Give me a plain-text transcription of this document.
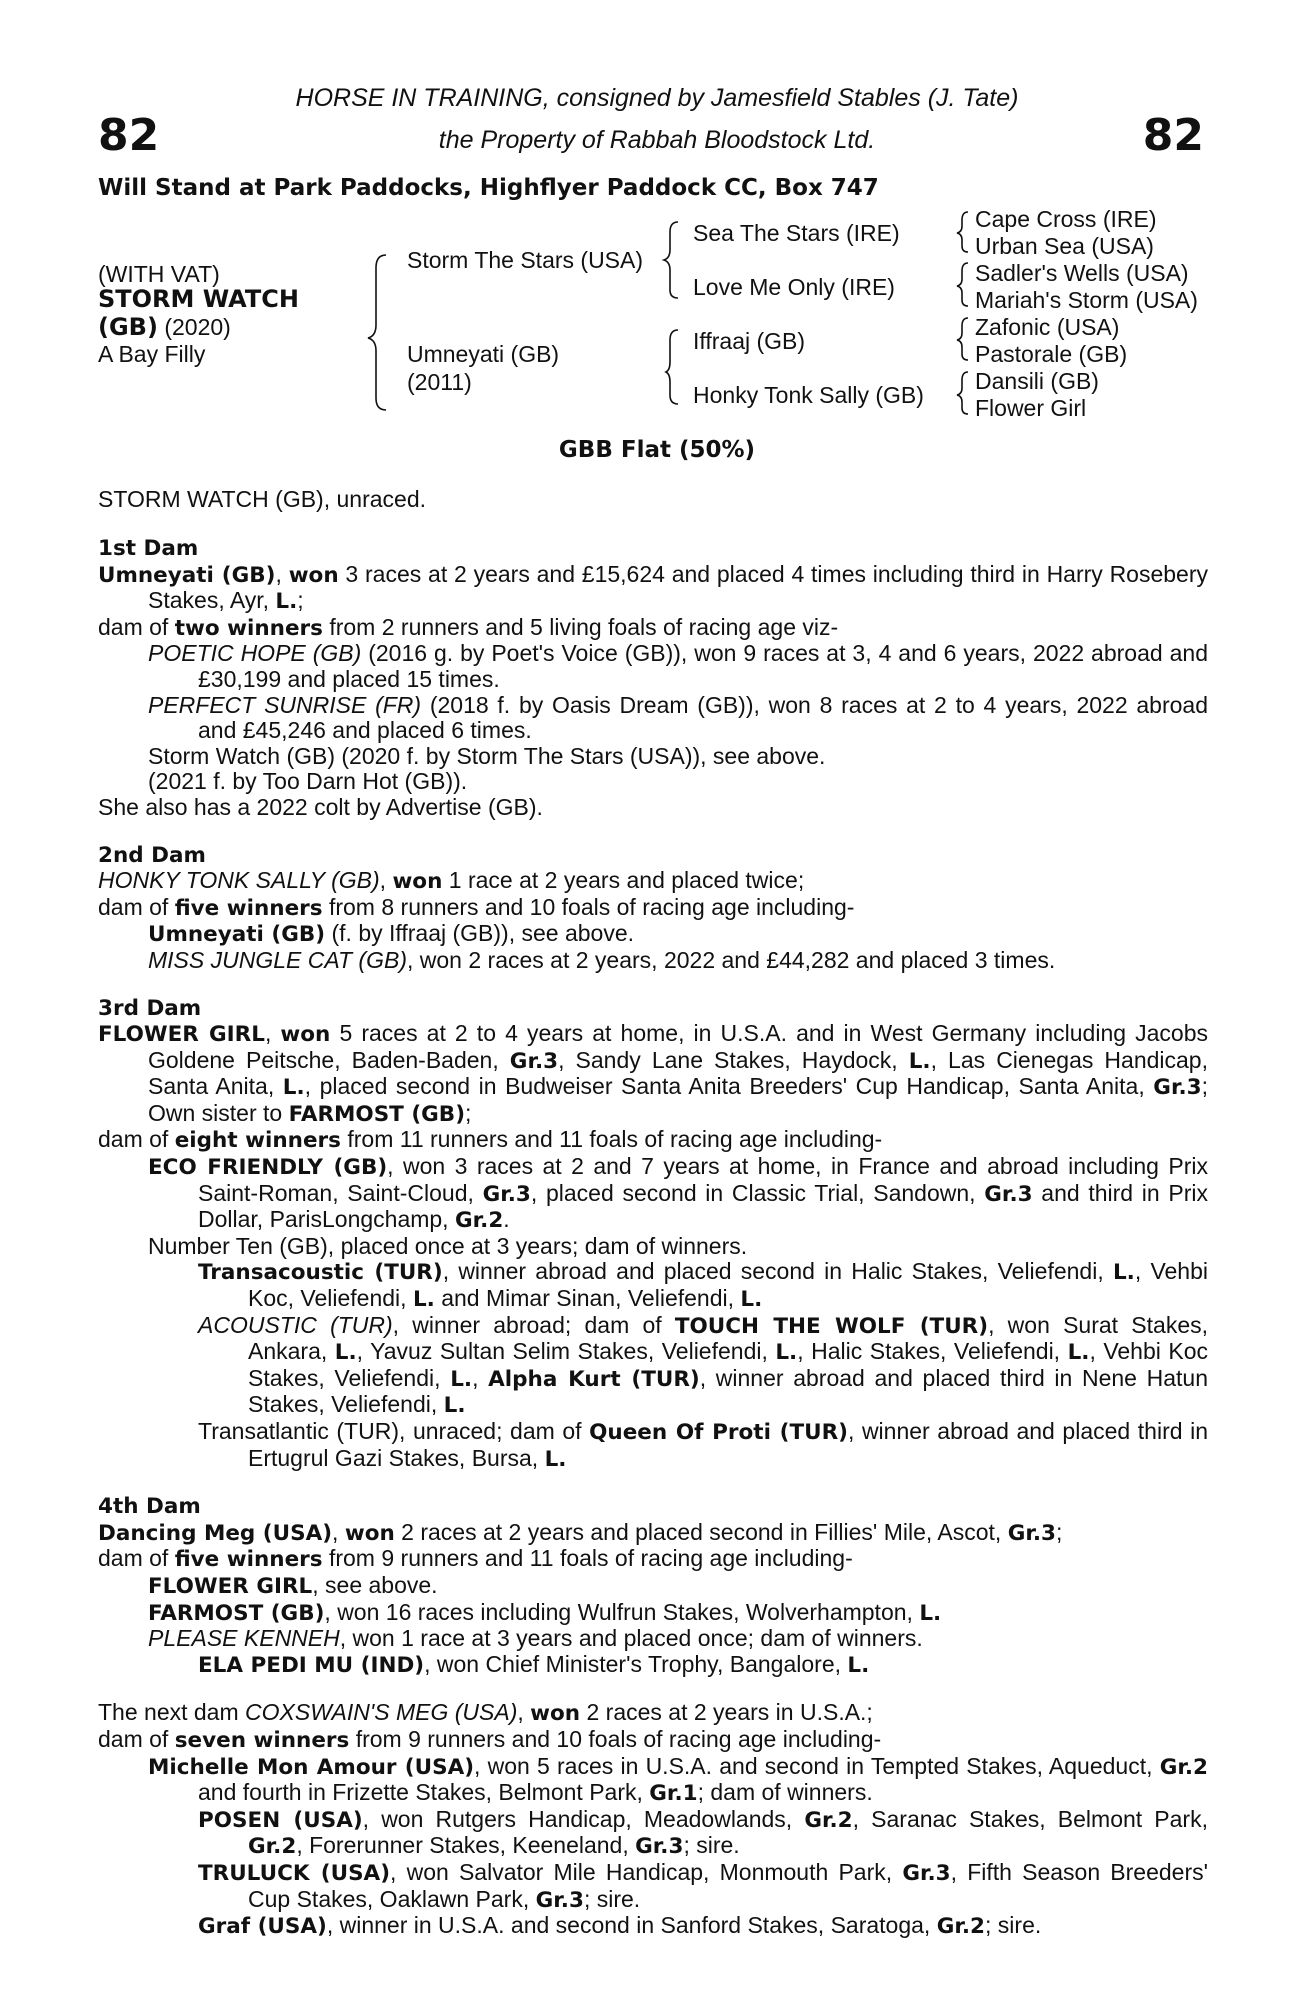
82	82
HORSE IN TRAINING, consigned by Jamesfield Stables (J. Tate)
the Property of Rabbah Bloodstock Ltd.
Will Stand at Park Paddocks, Highflyer Paddock CC, Box 747
(WITH VAT)
STORM WATCH
(GB) (2020)
A Bay Filly
Storm The Stars (USA)
Umneyati (GB)
(2011)
Sea The Stars (IRE)
Love Me Only (IRE)
Iffraaj (GB)
Honky Tonk Sally (GB)
Cape Cross (IRE)
Urban Sea (USA)
Sadler's Wells (USA)
Mariah's Storm (USA)
Zafonic (USA)
Pastorale (GB)
Dansili (GB)
Flower Girl
GBB Flat (50%)
STORM WATCH (GB), unraced.
1st Dam
Umneyati (GB), won 3 races at 2 years and £15,624 and placed 4 times including third in Harry Rosebery Stakes, Ayr, L.;
dam of two winners from 2 runners and 5 living foals of racing age viz-
POETIC HOPE (GB) (2016 g. by Poet's Voice (GB)), won 9 races at 3, 4 and 6 years, 2022 abroad and £30,199 and placed 15 times.
PERFECT SUNRISE (FR) (2018 f. by Oasis Dream (GB)), won 8 races at 2 to 4 years, 2022 abroad and £45,246 and placed 6 times.
Storm Watch (GB) (2020 f. by Storm The Stars (USA)), see above.
(2021 f. by Too Darn Hot (GB)).
She also has a 2022 colt by Advertise (GB).
2nd Dam
HONKY TONK SALLY (GB), won 1 race at 2 years and placed twice;
dam of five winners from 8 runners and 10 foals of racing age including-
Umneyati (GB) (f. by Iffraaj (GB)), see above.
MISS JUNGLE CAT (GB), won 2 races at 2 years, 2022 and £44,282 and placed 3 times.
3rd Dam
FLOWER GIRL, won 5 races at 2 to 4 years at home, in U.S.A. and in West Germany including Jacobs Goldene Peitsche, Baden-Baden, Gr.3, Sandy Lane Stakes, Haydock, L., Las Cienegas Handicap, Santa Anita, L., placed second in Budweiser Santa Anita Breeders' Cup Handicap, Santa Anita, Gr.3; Own sister to FARMOST (GB);
dam of eight winners from 11 runners and 11 foals of racing age including-
ECO FRIENDLY (GB), won 3 races at 2 and 7 years at home, in France and abroad including Prix Saint-Roman, Saint-Cloud, Gr.3, placed second in Classic Trial, Sandown, Gr.3 and third in Prix Dollar, ParisLongchamp, Gr.2.
Number Ten (GB), placed once at 3 years; dam of winners.
Transacoustic (TUR), winner abroad and placed second in Halic Stakes, Veliefendi, L., Vehbi Koc, Veliefendi, L. and Mimar Sinan, Veliefendi, L.
ACOUSTIC (TUR), winner abroad; dam of TOUCH THE WOLF (TUR), won Surat Stakes, Ankara, L., Yavuz Sultan Selim Stakes, Veliefendi, L., Halic Stakes, Veliefendi, L., Vehbi Koc Stakes, Veliefendi, L., Alpha Kurt (TUR), winner abroad and placed third in Nene Hatun Stakes, Veliefendi, L.
Transatlantic (TUR), unraced; dam of Queen Of Proti (TUR), winner abroad and placed third in Ertugrul Gazi Stakes, Bursa, L.
4th Dam
Dancing Meg (USA), won 2 races at 2 years and placed second in Fillies' Mile, Ascot, Gr.3;
dam of five winners from 9 runners and 11 foals of racing age including-
FLOWER GIRL, see above.
FARMOST (GB), won 16 races including Wulfrun Stakes, Wolverhampton, L.
PLEASE KENNEH, won 1 race at 3 years and placed once; dam of winners.
ELA PEDI MU (IND), won Chief Minister's Trophy, Bangalore, L.
The next dam COXSWAIN'S MEG (USA), won 2 races at 2 years in U.S.A.;
dam of seven winners from 9 runners and 10 foals of racing age including-
Michelle Mon Amour (USA), won 5 races in U.S.A. and second in Tempted Stakes, Aqueduct, Gr.2 and fourth in Frizette Stakes, Belmont Park, Gr.1; dam of winners.
POSEN (USA), won Rutgers Handicap, Meadowlands, Gr.2, Saranac Stakes, Belmont Park, Gr.2, Forerunner Stakes, Keeneland, Gr.3; sire.
TRULUCK (USA), won Salvator Mile Handicap, Monmouth Park, Gr.3, Fifth Season Breeders' Cup Stakes, Oaklawn Park, Gr.3; sire.
Graf (USA), winner in U.S.A. and second in Sanford Stakes, Saratoga, Gr.2; sire.
